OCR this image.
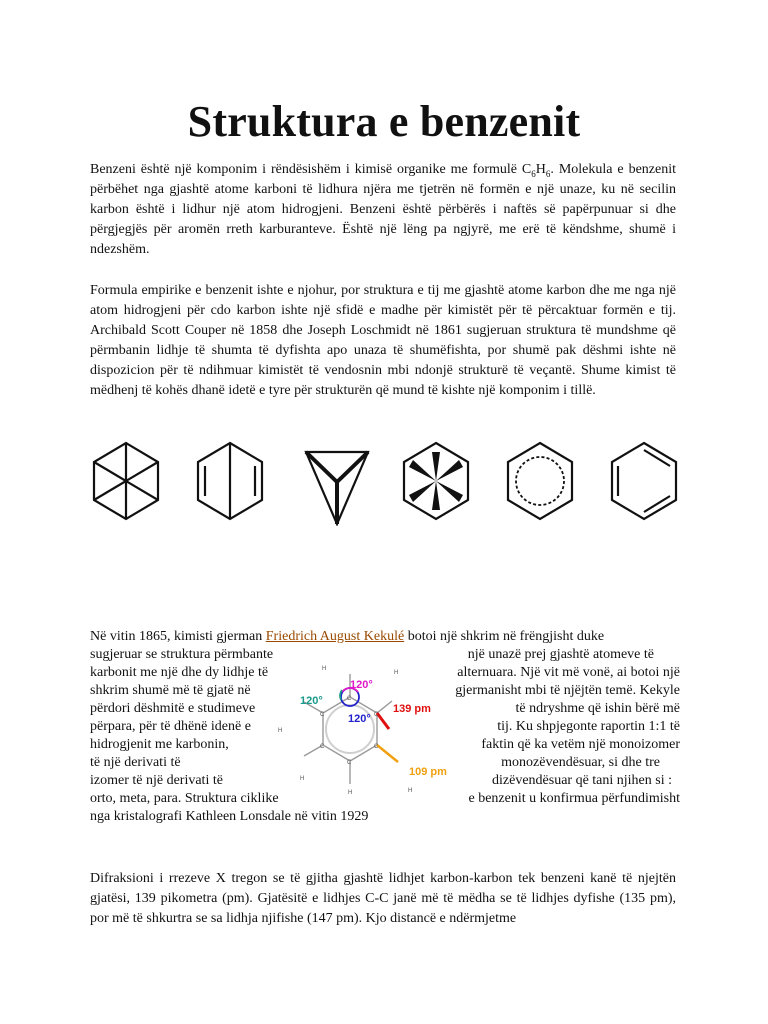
Struktura e benzenit

Benzeni është një komponim i rëndësishëm i kimisë organike me formulë $C_6H_6$. Molekula e benzenit përbëhet nga gjashtë atome karboni të lidhura njëra me tjetrën në formën e një unaze, ku në secilin karbon është i lidhur një atom hidrogjeni. Benzeni është përbërës i naftës së papërpunuar si dhe përgjegjës për aromën rreth karburanteve. Është një lëng pa ngjyrë, me erë të këndshme, shumë i ndezshëm.

Formula empirike e benzenit ishte e njohur, por struktura e tij me gjashtë atome karbon dhe me nga një atom hidrogjeni për cdo karbon ishte një sfidë e madhe për kimistët për të përcaktuar formën e tij. Archibald Scott Couper në 1858 dhe Joseph Loschmidt në 1861 sugjeruan struktura të mundshme që përmbanin lidhje të shumta të dyfishta apo unaza të shumëfishta, por shumë pak dëshmi ishte në dispozicion për të ndihmuar kimistët të vendosnin mbi ndonjë strukturë të veçantë. Shume kimist të mëdhenj të kohës dhanë idetë e tyre për strukturën që mund të kishte një komponim i tillë.

Në vitin 1865, kimisti gjerman Friedrich August Kekulé botoi një shkrim në frëngjisht duke
sugjeruar se struktura përmbante	një unazë prej gjashtë atomeve të
karbonit me një dhe dy lidhje të	alternuara. Një vit më vonë, ai botoi një
shkrim shumë më të gjatë në	gjermanisht mbi të njëjtën temë. Kekyle
përdori dëshmitë e studimeve	të ndryshme që ishin bërë më
përpara, për të dhënë idenë e	tij. Ku shpjegonte raportin 1:1 të
hidrogjenit me karbonin,	faktin që ka vetëm një monoizomer
të një derivati të	monozëvendësuar, si dhe tre
izomer të një derivati të	dizëvendësuar që tani njihen si :
orto, meta, para. Struktura ciklike	e benzenit u konfirmua përfundimisht
nga kristalografi Kathleen Lonsdale në vitin 1929
C
C
C
C
C
C
H
H
H
H
H	H
120°
120°
120°
139 pm
109 pm

Difraksioni i rrezeve X tregon se të gjitha gjashtë lidhjet karbon-karbon tek benzeni kanë të njejtën gjatësi, 139 pikometra (pm). Gjatësitë e lidhjes C-C janë më të mëdha se të lidhjes dyfishe (135 pm), por më të shkurtra se sa lidhja njifishe (147 pm). Kjo distancë e ndërmjetme
